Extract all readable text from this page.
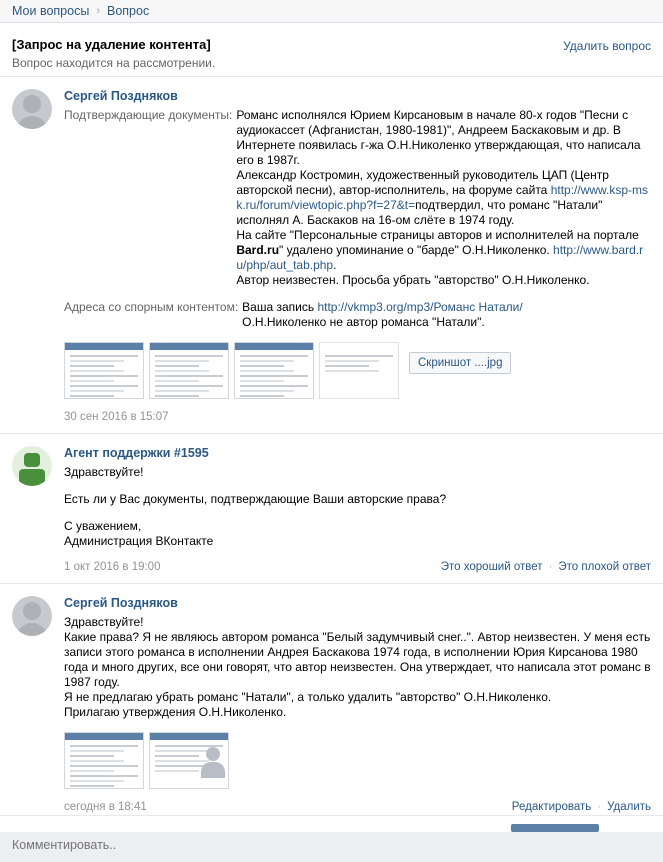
Мои вопросы › Вопрос
[Запрос на удаление контента]
Вопрос находится на рассмотрении.
Удалить вопрос
Сергей Поздняков
Подтверждающие документы: Романс исполнялся Юрием Кирсановым в начале 80-х годов "Песни с аудиокассет (Афганистан, 1980-1981)", Андреем Баскаковым и др. В Интернете появилась г-жа О.Н.Николенко утверждающая, что написала его в 1987г.
Александр Костромин, художественный руководитель ЦАП (Центр авторской песни), автор-исполнитель, на форуме сайта http://www.ksp-msk.ru/forum/viewtopic.php?f=27&t=подтвердил, что романс "Натали" исполнял А. Баскаков на 16-ом слёте в 1974 году.
На сайте "Персональные страницы авторов и исполнителей на портале Bard.ru" удалено упоминание о "барде" О.Н.Николенко. http://www.bard.ru/php/aut_tab.php.
Автор неизвестен. Просьба убрать "авторство" О.Н.Николенко.
Адреса со спорным контентом: Ваша запись http://vkmp3.org/mp3/Романс Натали/
О.Н.Николенко не автор романса "Натали".
Скриншот ....jpg
30 сен 2016 в 15:07
Агент поддержки #1595
Здравствуйте!
Есть ли у Вас документы, подтверждающие Ваши авторские права?
С уважением,
Администрация ВКонтакте
1 окт 2016 в 19:00	Это хороший ответ · Это плохой ответ
Сергей Поздняков
Здравствуйте!
Какие права? Я не являюсь автором романса "Белый задумчивый снег..". Автор неизвестен. У меня есть записи этого романса в исполнении Андрея Баскакова 1974 года, в исполнении Юрия Кирсанова 1980 года и много других, все они говорят, что автор неизвестен. Она утверждает, что написала этот романс в 1987 году.
Я не предлагаю убрать романс "Натали", а только удалить "авторство" О.Н.Николенко.
Прилагаю утверждения О.Н.Николенко.
сегодня в 18:41	Редактировать · Удалить
Комментировать..
